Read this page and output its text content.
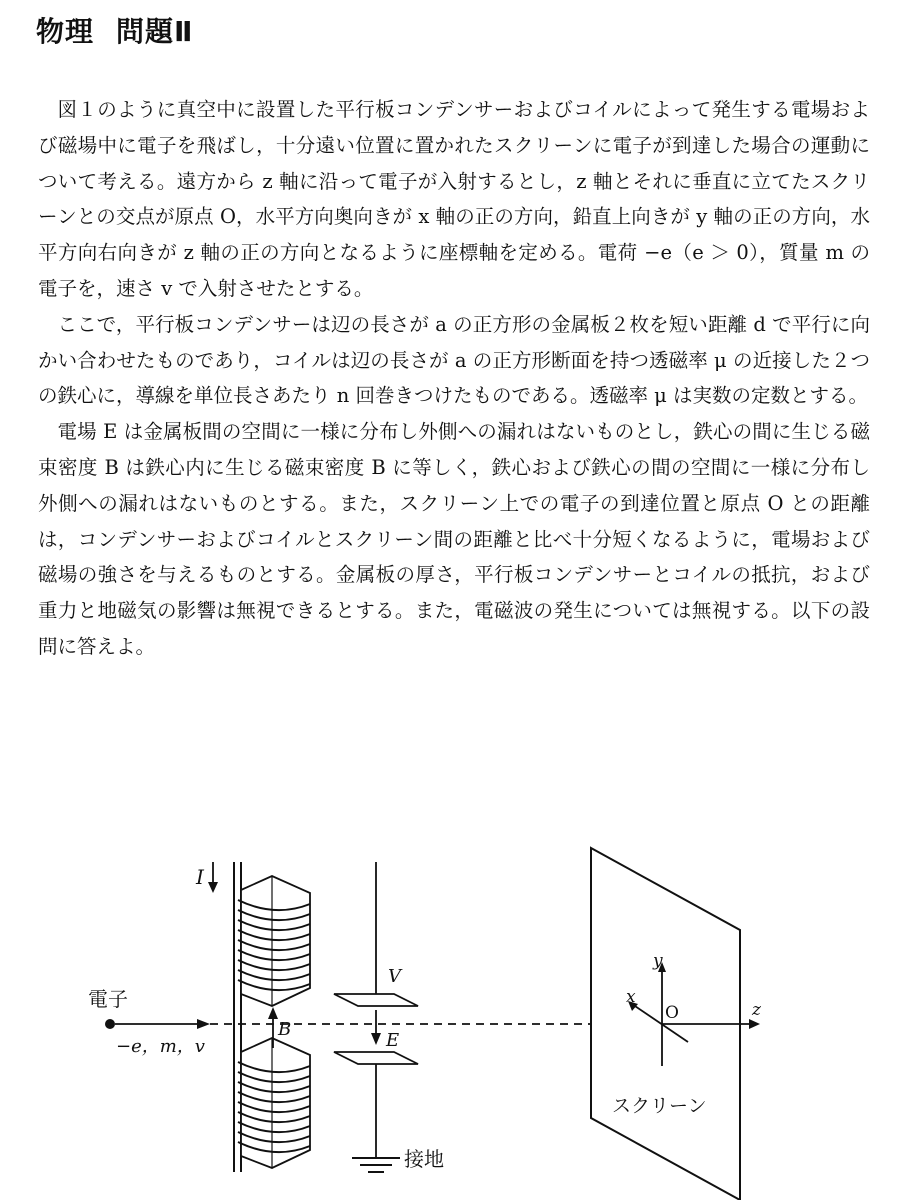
物理 問題Ⅱ

図１のように真空中に設置した平行板コンデンサーおよびコイルによって発生する電場および磁場中に電子を飛ばし，十分遠い位置に置かれたスクリーンに電子が到達した場合の運動について考える。遠方から z 軸に沿って電子が入射するとし，z 軸とそれに垂直に立てたスクリーンとの交点が原点 O，水平方向奥向きが x 軸の正の方向，鉛直上向きが y 軸の正の方向，水平方向右向きが z 軸の正の方向となるように座標軸を定める。電荷 −e（e ＞ 0），質量 m の電子を，速さ v で入射させたとする。

ここで，平行板コンデンサーは辺の長さが a の正方形の金属板２枚を短い距離 d で平行に向かい合わせたものであり，コイルは辺の長さが a の正方形断面を持つ透磁率 μ の近接した２つの鉄心に，導線を単位長さあたり n 回巻きつけたものである。透磁率 μ は実数の定数とする。

電場 E は金属板間の空間に一様に分布し外側への漏れはないものとし，鉄心の間に生じる磁束密度 B は鉄心内に生じる磁束密度 B に等しく，鉄心および鉄心の間の空間に一様に分布し外側への漏れはないものとする。また，スクリーン上での電子の到達位置と原点 O との距離は，コンデンサーおよびコイルとスクリーン間の距離と比べ十分短くなるように，電場および磁場の強さを与えるものとする。金属板の厚さ，平行板コンデンサーとコイルの抵抗，および重力と地磁気の影響は無視できるとする。また，電磁波の発生については無視する。以下の設問に答えよ。

I
B
電子
−e，m，v
V
E
接地
y
x
z
O
スクリーン
